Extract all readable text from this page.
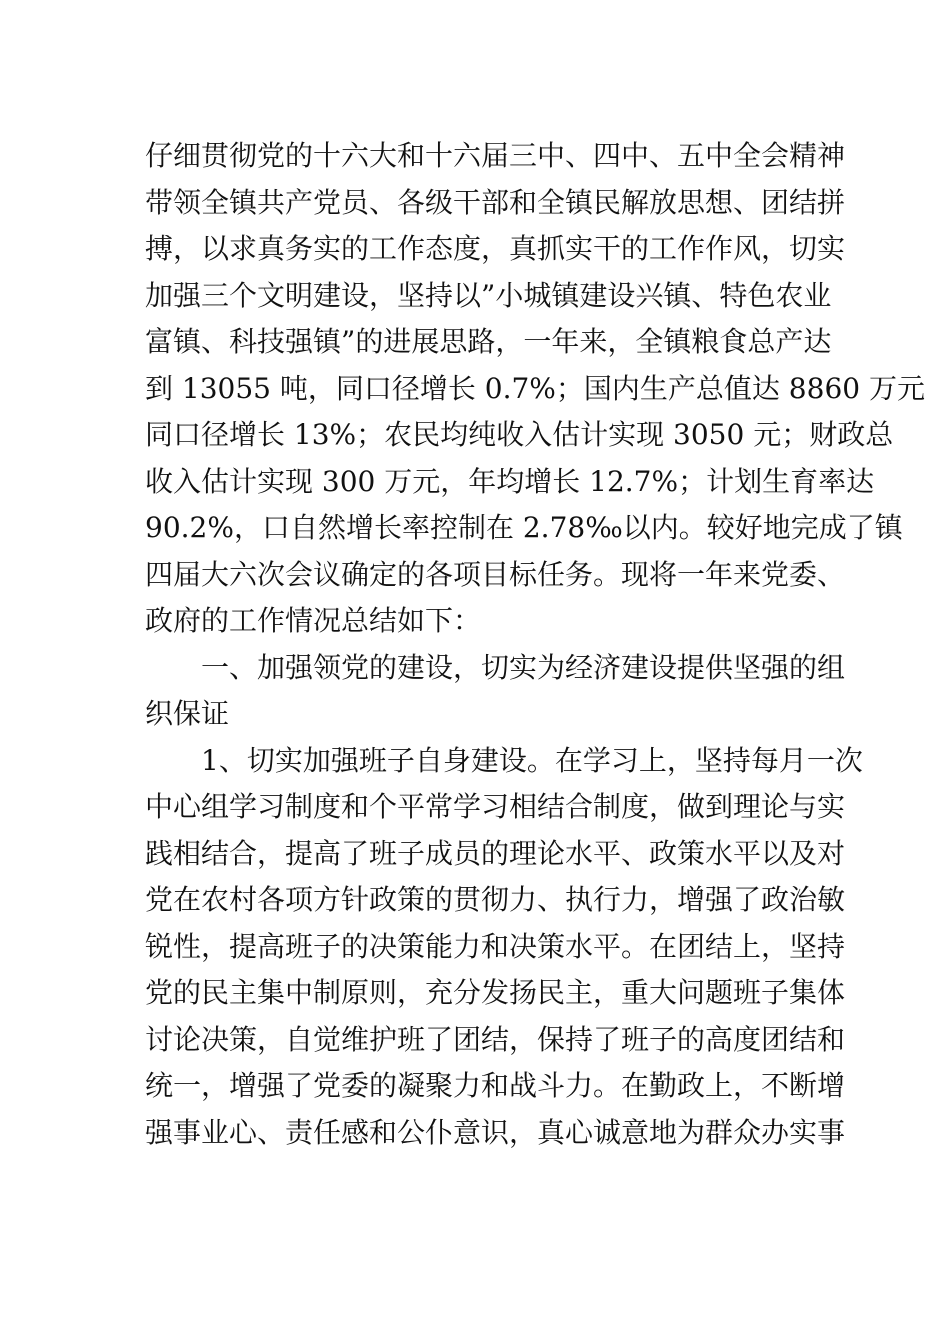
仔细贯彻党的十六大和十六届三中、四中、五中全会精神
带领全镇共产党员、各级干部和全镇民解放思想、团结拼
搏，以求真务实的工作态度，真抓实干的工作作风，切实
加强三个文明建设，坚持以”小城镇建设兴镇、特色农业
富镇、科技强镇”的进展思路，一年来，全镇粮食总产达
到 13055 吨，同口径增长 0.7%；国内生产总值达 8860 万元
同口径增长 13%；农民均纯收入估计实现 3050 元；财政总
收入估计实现 300 万元，年均增长 12.7%；计划生育率达
90.2%，口自然增长率控制在 2.78‰以内。较好地完成了镇
四届大六次会议确定的各项目标任务。现将一年来党委、
政府的工作情况总结如下：
一、加强领党的建设，切实为经济建设提供坚强的组
织保证
1、切实加强班子自身建设。在学习上，坚持每月一次
中心组学习制度和个平常学习相结合制度，做到理论与实
践相结合，提高了班子成员的理论水平、政策水平以及对
党在农村各项方针政策的贯彻力、执行力，增强了政治敏
锐性，提高班子的决策能力和决策水平。在团结上，坚持
党的民主集中制原则，充分发扬民主，重大问题班子集体
讨论决策，自觉维护班了团结，保持了班子的高度团结和
统一，增强了党委的凝聚力和战斗力。在勤政上，不断增
强事业心、责任感和公仆意识，真心诚意地为群众办实事
